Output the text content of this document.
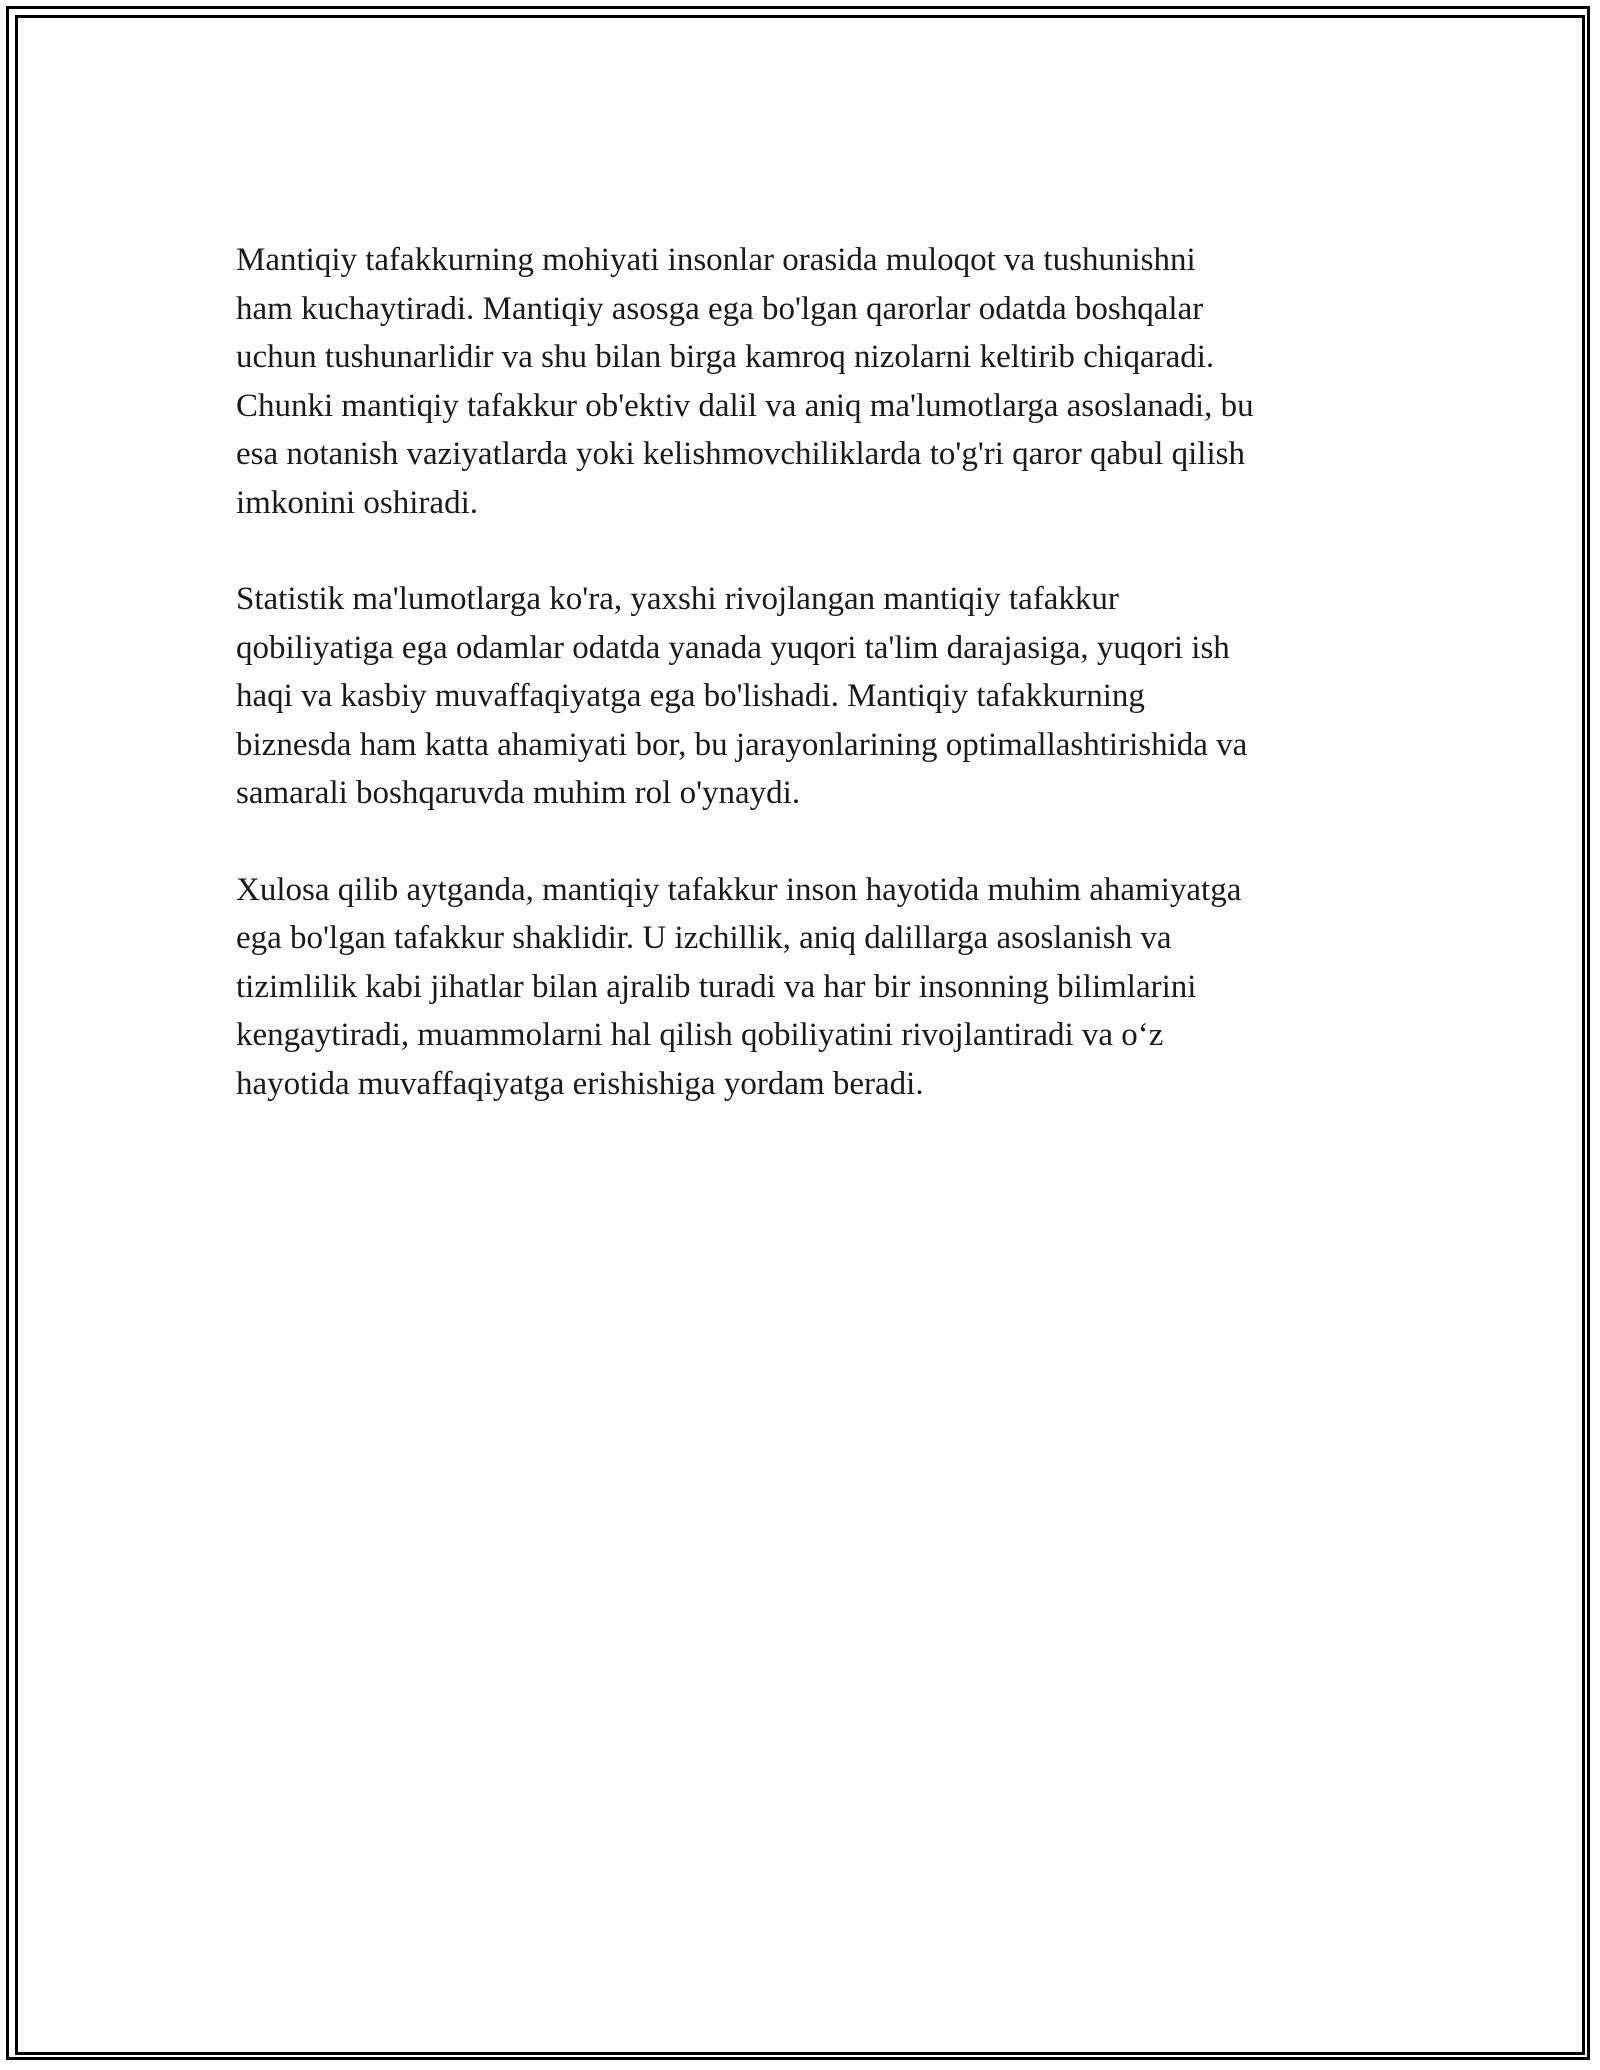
Mantiqiy tafakkurning mohiyati insonlar orasida muloqot va tushunishni
ham kuchaytiradi. Mantiqiy asosga ega bo'lgan qarorlar odatda boshqalar
uchun tushunarlidir va shu bilan birga kamroq nizolarni keltirib chiqaradi.
Chunki mantiqiy tafakkur ob'ektiv dalil va aniq ma'lumotlarga asoslanadi, bu
esa notanish vaziyatlarda yoki kelishmovchiliklarda to'g'ri qaror qabul qilish
imkonini oshiradi.

Statistik ma'lumotlarga ko'ra, yaxshi rivojlangan mantiqiy tafakkur
qobiliyatiga ega odamlar odatda yanada yuqori ta'lim darajasiga, yuqori ish
haqi va kasbiy muvaffaqiyatga ega bo'lishadi. Mantiqiy tafakkurning
biznesda ham katta ahamiyati bor, bu jarayonlarining optimallashtirishida va
samarali boshqaruvda muhim rol o'ynaydi.

Xulosa qilib aytganda, mantiqiy tafakkur inson hayotida muhim ahamiyatga
ega bo'lgan tafakkur shaklidir. U izchillik, aniq dalillarga asoslanish va
tizimlilik kabi jihatlar bilan ajralib turadi va har bir insonning bilimlarini
kengaytiradi, muammolarni hal qilish qobiliyatini rivojlantiradi va o‘z
hayotida muvaffaqiyatga erishishiga yordam beradi.
